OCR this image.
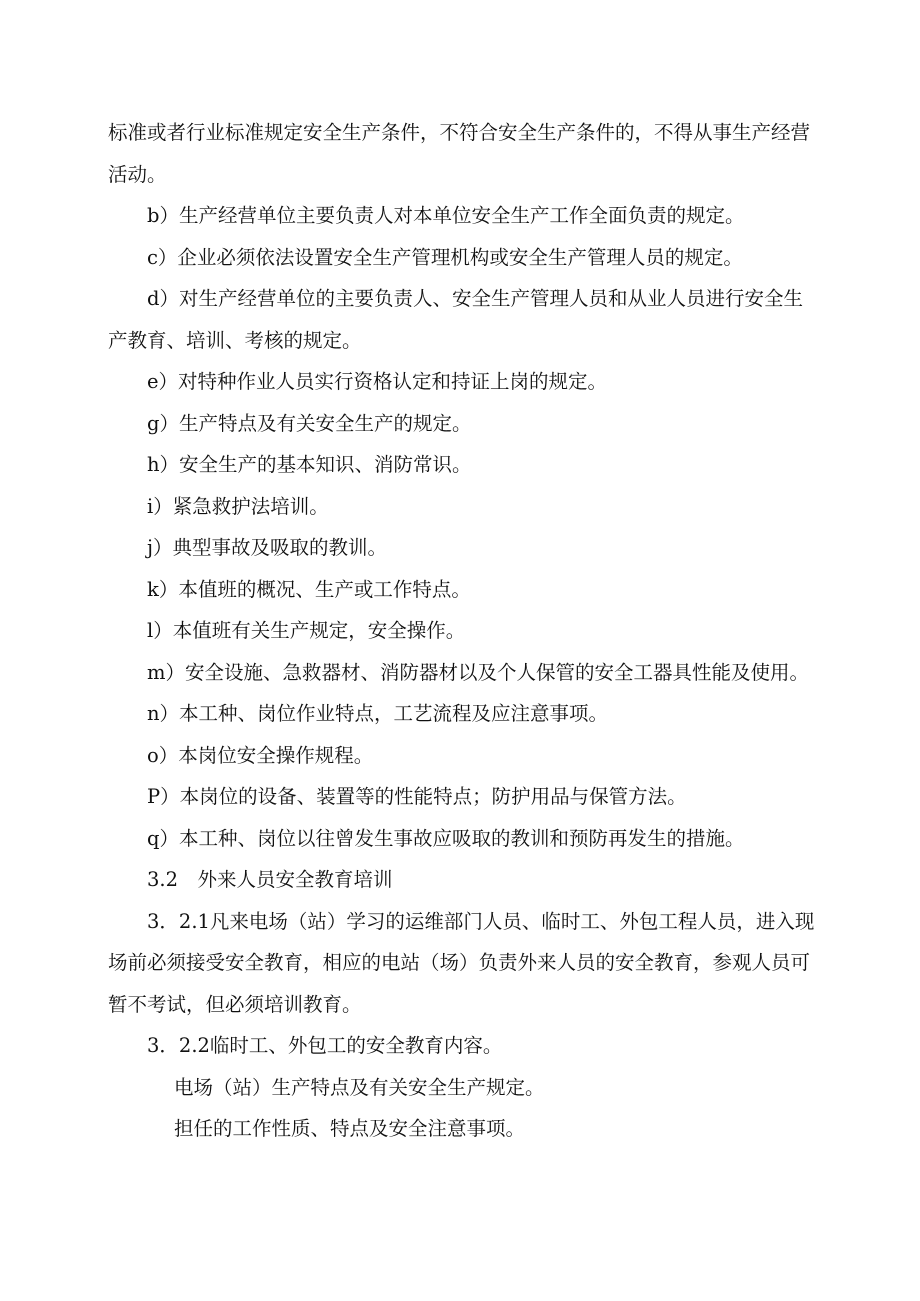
标准或者行业标准规定安全生产条件，不符合安全生产条件的，不得从事生产经营活动。

b）生产经营单位主要负责人对本单位安全生产工作全面负责的规定。

c）企业必须依法设置安全生产管理机构或安全生产管理人员的规定。

d）对生产经营单位的主要负责人、安全生产管理人员和从业人员进行安全生产教育、培训、考核的规定。

e）对特种作业人员实行资格认定和持证上岗的规定。

g）生产特点及有关安全生产的规定。

h）安全生产的基本知识、消防常识。

i）紧急救护法培训。

j）典型事故及吸取的教训。

k）本值班的概况、生产或工作特点。

l）本值班有关生产规定，安全操作。

m）安全设施、急救器材、消防器材以及个人保管的安全工器具性能及使用。

n）本工种、岗位作业特点，工艺流程及应注意事项。

o）本岗位安全操作规程。

P）本岗位的设备、装置等的性能特点；防护用品与保管方法。

q）本工种、岗位以往曾发生事故应吸取的教训和预防再发生的措施。

3.2　外来人员安全教育培训

3．2.1凡来电场（站）学习的运维部门人员、临时工、外包工程人员，进入现场前必须接受安全教育，相应的电站（场）负责外来人员的安全教育，参观人员可暂不考试，但必须培训教育。

3．2.2临时工、外包工的安全教育内容。

电场（站）生产特点及有关安全生产规定。

担任的工作性质、特点及安全注意事项。
